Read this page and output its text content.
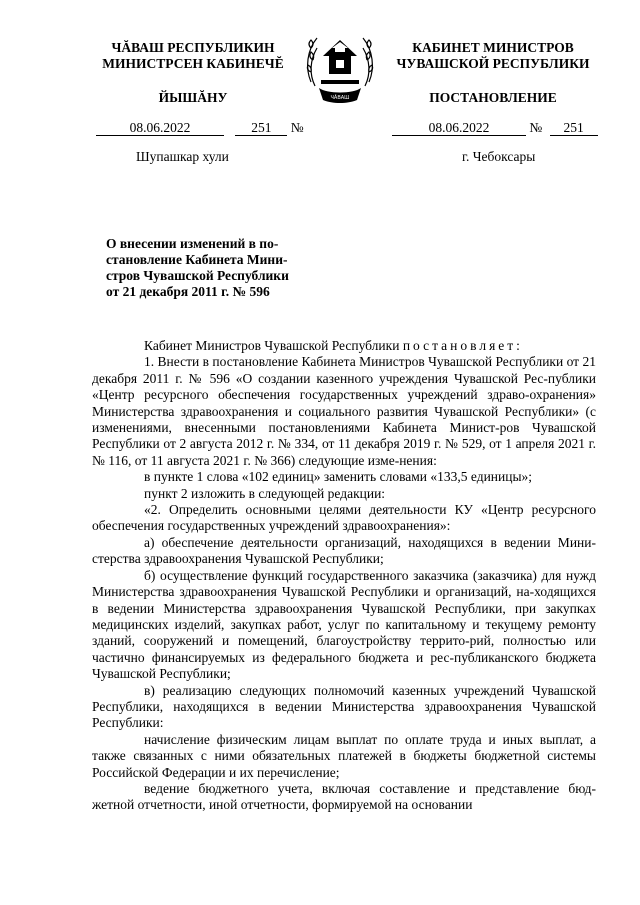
ЧĂВАШ РЕСПУБЛИКИН
МИНИСТРСЕН КАБИНЕЧĔ
ЙЫШĂНУ	ЧĂВАШ
КАБИНЕТ МИНИСТРОВ
ЧУВАШСКОЙ РЕСПУБЛИКИ
ПОСТАНОВЛЕНИЕ
08.06.2022	251 №	08.06.2022	№ 251
Шупашкар хули	г. Чебоксары
О внесении изменений в по-
становление Кабинета Мини-
стров Чувашской Республики
от 21 декабря 2011 г. № 596

Кабинет Министров Чувашской Республики постановляет:

1. Внести в постановление Кабинета Министров Чувашской Республики от 21 декабря 2011 г. № 596 «О создании казенного учреждения Чувашской Рес-публики «Центр ресурсного обеспечения государственных учреждений здраво-охранения» Министерства здравоохранения и социального развития Чувашской Республики» (с изменениями, внесенными постановлениями Кабинета Минист-ров Чувашской Республики от 2 августа 2012 г. № 334, от 11 декабря 2019 г. № 529, от 1 апреля 2021 г. № 116, от 11 августа 2021 г. № 366) следующие изме-нения:

в пункте 1 слова «102 единиц» заменить словами «133,5 единицы»;

пункт 2 изложить в следующей редакции:

«2. Определить основными целями деятельности КУ «Центр ресурсного обеспечения государственных учреждений здравоохранения»:

а) обеспечение деятельности организаций, находящихся в ведении Мини-стерства здравоохранения Чувашской Республики;

б) осуществление функций государственного заказчика (заказчика) для нужд Министерства здравоохранения Чувашской Республики и организаций, на-ходящихся в ведении Министерства здравоохранения Чувашской Республики, при закупках медицинских изделий, закупках работ, услуг по капитальному и текущему ремонту зданий, сооружений и помещений, благоустройству террито-рий, полностью или частично финансируемых из федерального бюджета и рес-публиканского бюджета Чувашской Республики;

в) реализацию следующих полномочий казенных учреждений Чувашской Республики, находящихся в ведении Министерства здравоохранения Чувашской Республики:

начисление физическим лицам выплат по оплате труда и иных выплат, а также связанных с ними обязательных платежей в бюджеты бюджетной системы Российской Федерации и их перечисление;

ведение бюджетного учета, включая составление и представление бюд-жетной отчетности, иной отчетности, формируемой на основании
